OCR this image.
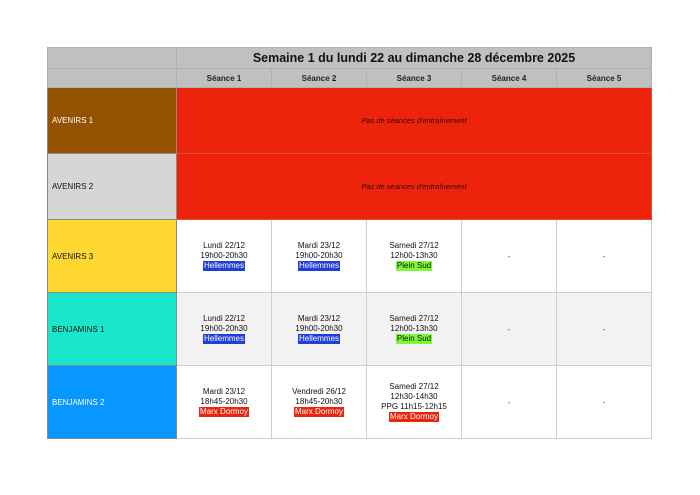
	Semaine 1 du lundi 22 au dimanche 28 décembre 2025				
	Séance 1	Séance 2	Séance 3	Séance 4	Séance 5
AVENIRS 1	Pas de séances d'entraînement				
AVENIRS 2	Pas de séances d'entraînement				
AVENIRS 3	Lundi 22/12
19h00-20h30
Hellemmes	Mardi 23/12
19h00-20h30
Hellemmes	Samedi 27/12
12h00-13h30
Plein Sud	-	-
BENJAMINS 1	Lundi 22/12
19h00-20h30
Hellemmes	Mardi 23/12
19h00-20h30
Hellemmes	Samedi 27/12
12h00-13h30
Plein Sud	-	-
BENJAMINS 2	Mardi 23/12
18h45-20h30
Marx Dormoy	Vendredi 26/12
18h45-20h30
Marx Dormoy	Samedi 27/12
12h30-14h30
PPG 11h15-12h15
Marx Dormoy	-	-
